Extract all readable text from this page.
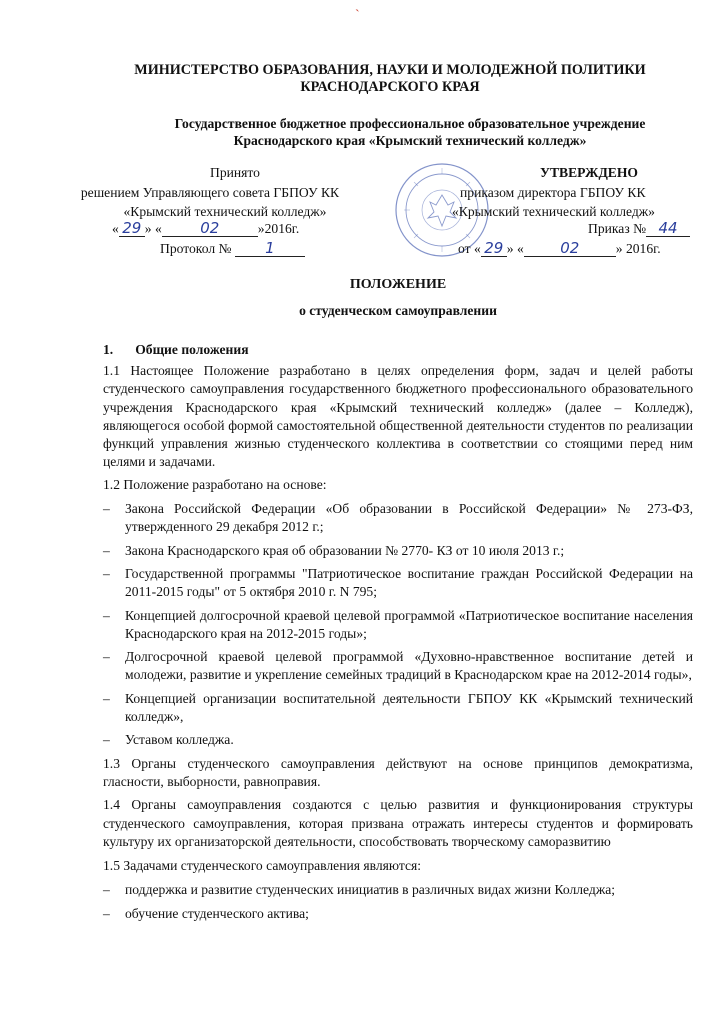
`
МИНИСТЕРСТВО ОБРАЗОВАНИЯ, НАУКИ И МОЛОДЕЖНОЙ ПОЛИТИКИ
КРАСНОДАРСКОГО КРАЯ
Государственное бюджетное профессиональное образовательное учреждение
Краснодарского края «Крымский технический колледж»
Принято
решением Управляющего совета ГБПОУ КК
«Крымский технический колледж»
« 29 » «	02	»2016г.
Протокол № 1
УТВЕРЖДЕНО
приказом директора ГБПОУ КК
«Крымский технический колледж»
Приказ № 44
от « 29 » « 02	» 2016г.
ПОЛОЖЕНИЕ
о студенческом самоуправлении
1. Общие положения

1.1 Настоящее Положение разработано в целях определения форм, задач и целей работы студенческого самоуправления государственного бюджетного профессионального образовательного учреждения Краснодарского края «Крымский технический колледж» (далее – Колледж), являющегося особой формой самостоятельной общественной деятельности студентов по реализации функций управления жизнью студенческого коллектива в соответствии со стоящими перед ним целями и задачами.

1.2 Положение разработано на основе:

– Закона Российской Федерации «Об образовании в Российской Федерации» № 273-ФЗ, утвержденного 29 декабря 2012 г.;
– Закона Краснодарского края об образовании № 2770- КЗ от 10 июля 2013 г.;
– Государственной программы "Патриотическое воспитание граждан Российской Федерации на 2011-2015 годы" от 5 октября 2010 г. N 795;
– Концепцией долгосрочной краевой целевой программой «Патриотическое воспитание населения Краснодарского края на 2012-2015 годы»;
– Долгосрочной краевой целевой программой «Духовно-нравственное воспитание детей и молодежи, развитие и укрепление семейных традиций в Краснодарском крае на 2012-2014 годы»,
– Концепцией организации воспитательной деятельности ГБПОУ КК «Крымский технический колледж»,
– Уставом колледжа.

1.3 Органы студенческого самоуправления действуют на основе принципов демократизма, гласности, выборности, равноправия.

1.4 Органы самоуправления создаются с целью развития и функционирования структуры студенческого самоуправления, которая призвана отражать интересы студентов и формировать культуру их организаторской деятельности, способствовать творческому саморазвитию

1.5 Задачами студенческого самоуправления являются:

– поддержка и развитие студенческих инициатив в различных видах жизни Колледжа;
– обучение студенческого актива;
